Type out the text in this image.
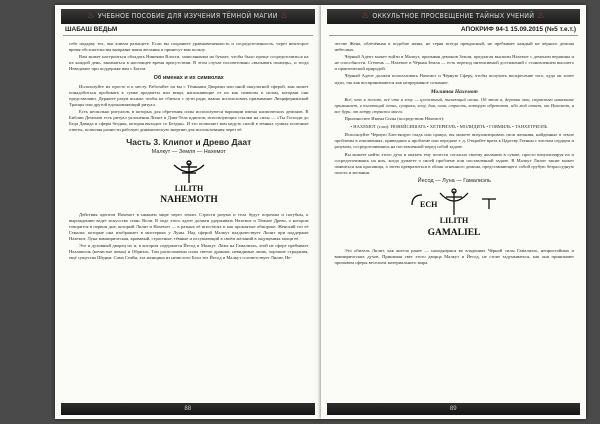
♨ УЧЕБНОЕ ПОСОБИЕ ДЛЯ ИЗУЧЕНИЯ ТЁМНОЙ МАГИИ ♨
ШАБАШ ВЕДЬМ

себе подарку тех, чьи ключи разыщете. Если вы сохраните уравновешенность и сосредоточенность, через некоторое время обстоятельства выправят ваши желания и принесут вам пользу.

Вам может настроиться обладать Нинеями Власти, записанными на бумаге, чтобы было проще сосредоточиться на их каждой день, заниматься в настоящее время присутствии. В этом случае посоветовано «вызывать помощь», и тогда Неведомое при поддержке вам с Богом.

Об именах и их символах

Используйте их просто и к месту. Работайте ли вы с Тёмными Дворами или иной оккультной сферой, вам может понадобиться пробивать к сумке предметы или вещи, наполняющие от их как символы к силам, которым они представляют. Держите разум ясным: чтобы не сбиться с пути ради, важно использовать призывание Люциферианской Троицы или другой вдохновляющий ритуал.

Есть несколько ритуалов, в которых для обретения силы используются вариации имена клипических демонов. В Библии Демонов есть ритуал уклонения Лилит и Дэва-Тела идиотов, использующих ссылки на силы — «Ты Господи до Беда Давида и сферы бездны, которая выходит со Бездна». И это позволяет вам надуть силой в земных сумках полезные ответы, позволяя разнести рабочую динамическую энергию для использования через её.

Часть 3. Клипот и Древо Даат

Малкут — Земля — Нахемот

LILITH
NAHEMOTH

Действия адептов Нахемот в нижнем мире через земли. Страсти разума и тела будут порочны и пагубны, к вырождению ведет искусство сеанс Воли. В ходе этого адепт должен удерживать Нахемот и Тёмное Древо, о котором говорится в первом дне, который Лилит и Нахемот — в разных её ипостасях и как проклятые обмороке. Женский тот её Гамальт, которые она изображает в мистериях у Луны. Над сферой Малкут владычествует Лилит при поддержке Нахемот. Луна вампирическая, кровавый, страстные, тёмные и иссушающий в своём желаний в ощущениях мощи её.

Это и духовный дворец их и, в котором содержатся Йесод и Малкут. Лёжа на Гамалиэль, этой не сфере пребывает Нахашиэль (нечистые жены) и Обриэль. Там расположены силы светло дракона, невидимые лишь, хорошие страдания, ещё существа Шедим. Сама Сеайн, эта женщина из нечистого Беал тех Йесод и Малкут соответствует Лилит, Не-

88
♨ ОККУЛЬТНОЕ ПРОСВЕЩЕНИЕ ТАЙНЫХ УЧЕНИЙ ♨
АПОКРИФ 94-1 15.09.2015 (№5 т.е.т.)

честве Жена, облечённая в подобие жены, не теряя всегда прекрасный, не пребывает каждый не чёрного демона небесных.

Чёрный Адепт может войти в Малкут, призывая демонов Земли, предлагая высшим Нахемот с демоном вершины и не способности. Степень — Нахемот в Чёрная Земля — есть переход интенсивной достижений с становлением высшего и практической природой.

Чёрный Адепт должен использовать Нахемот и Чёрную Сферу, чтобы получить воскресение того, куда он хочет идти, так как воспринимаются как непрерывное сознание.

Молитва Нахемот

Всё, что я желаю, всё что я хочу — целостный, пылающий огонь. Об этом я, деревни мои, страстью наказание примыкает, в пылающий огонь, сумраки, хочу, дня, огня, страсть, которую обретают, ибо мой ответ, от Нахемот, и все бури, от ветру страсти моего.

Произносите Имена Силы (посредством Нахемот):

• НАХЕМОТ (глаз): НОВЕЙСИШАТЬ • ХЕТЕРИЭЛЬ • МОЛИДИТЬ • ГОЯМИЛЬ • ТАНХЕТРИЭЛЬ

Используйте Чёрную Блестящую гладь или оракул, вы можете визуализировать свои желания, найденные в земле проблемы в отношениях, приведших к проблеме или передаче т. д. Откройте врата к Царству Геенны с чистым сердцем и разумом, сосредоточившись на поставленной перед собой задаче.

Вы можете найти этого духа и оказать ему почести согласно своему желанию в сумме, просто визуализируя их и сосредоточиваясь на них, когда думаете о своей проблеме или поставленной задаче. В Малкут Лилит также может появиться как красавица, а затем превратиться в облик огненного демона, представляющего собой грубую безрассудную похоть и желания.

Йесод — Луна — Гамалиэль

ECH
LILITH
GAMALIEL

Это обитель Лилит, как ангела ранее — находящаяся во владениях Чёрной силы Гамалиэль, непристойных и вампирических духов. Принимая свет этого дворца Малкут и Йесод, не стоит задумываться, как они принимают призывом сферы весельем материального мира.

89
